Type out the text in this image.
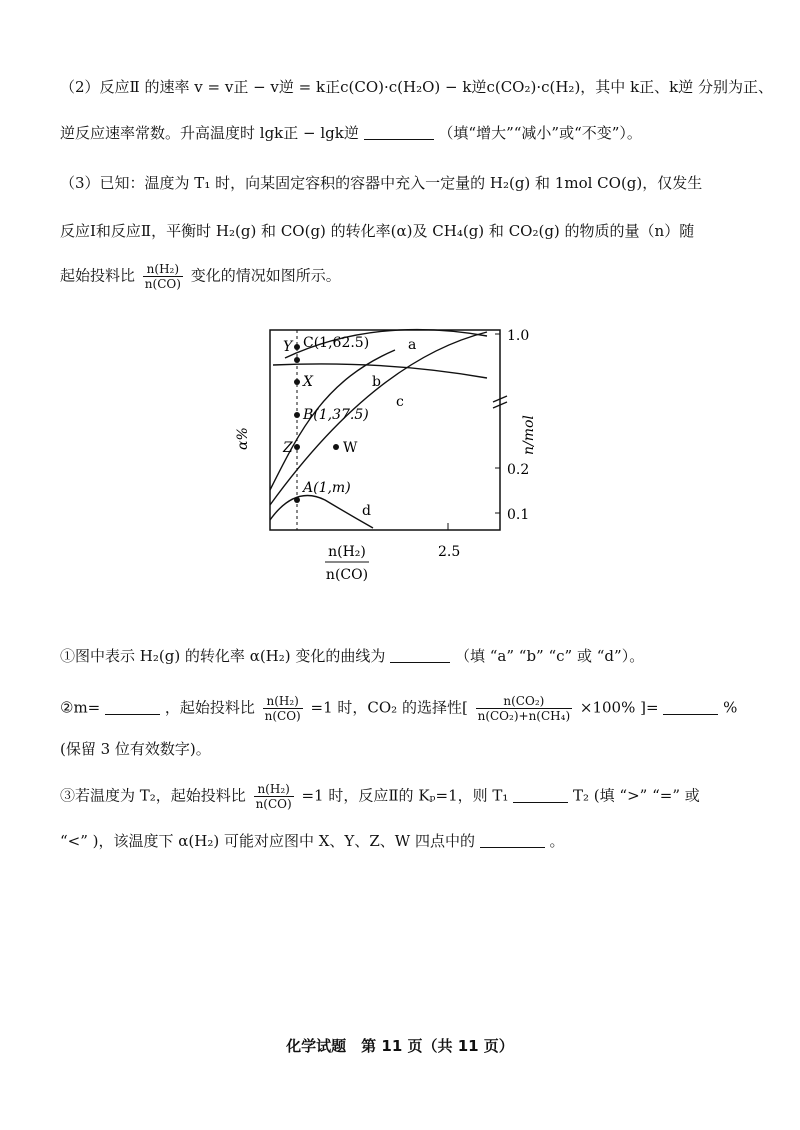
（2）反应Ⅱ 的速率 v = v正 − v逆 = k正c(CO)·c(H₂O) − k逆c(CO₂)·c(H₂)，其中 k正、k逆 分别为正、
逆反应速率常数。升高温度时 lgk正 − lgk逆	（填“增大”“减小”或“不变”）。
（3）已知：温度为 T₁ 时，向某固定容积的容器中充入一定量的 H₂(g) 和 1mol CO(g)，仅发生
反应Ⅰ和反应Ⅱ，平衡时 H₂(g) 和 CO(g) 的转化率(α)及 CH₄(g) 和 CO₂(g) 的物质的量（n）随
起始投料比 $\frac{\text{n(H₂)}}{n(CO)}$ 变化的情况如图所示。
Y C(1,62.5)
X
B(1,37.5)
Z	W
A(1,m)
a
b
c
d
1.0
0.2
0.1
n/mol
α%
2.5
n(H₂)
n(CO)
①图中表示 H₂(g) 的转化率 α(H₂) 变化的曲线为	（填 “a” “b” “c” 或 “d”）。
②m=	，起始投料比 $\frac{\text{n(H₂)}}{n(CO)} =1$ 时，CO₂ 的选择性[ $\frac{\text{n(CO₂)}}{\text{n(CO₂)+n(CH₄)}} \times 100\%$ ]=	%
(保留 3 位有效数字)。
③若温度为 T₂，起始投料比 $\frac{\text{n(H₂)}}{n(CO)} =1$ 时，反应Ⅱ的 Kₚ=1，则 T₁	T₂ (填 “>” “=” 或
“<” )，该温度下 α(H₂) 可能对应图中 X、Y、Z、W 四点中的	。
化学试题　第 11 页（共 11 页）
